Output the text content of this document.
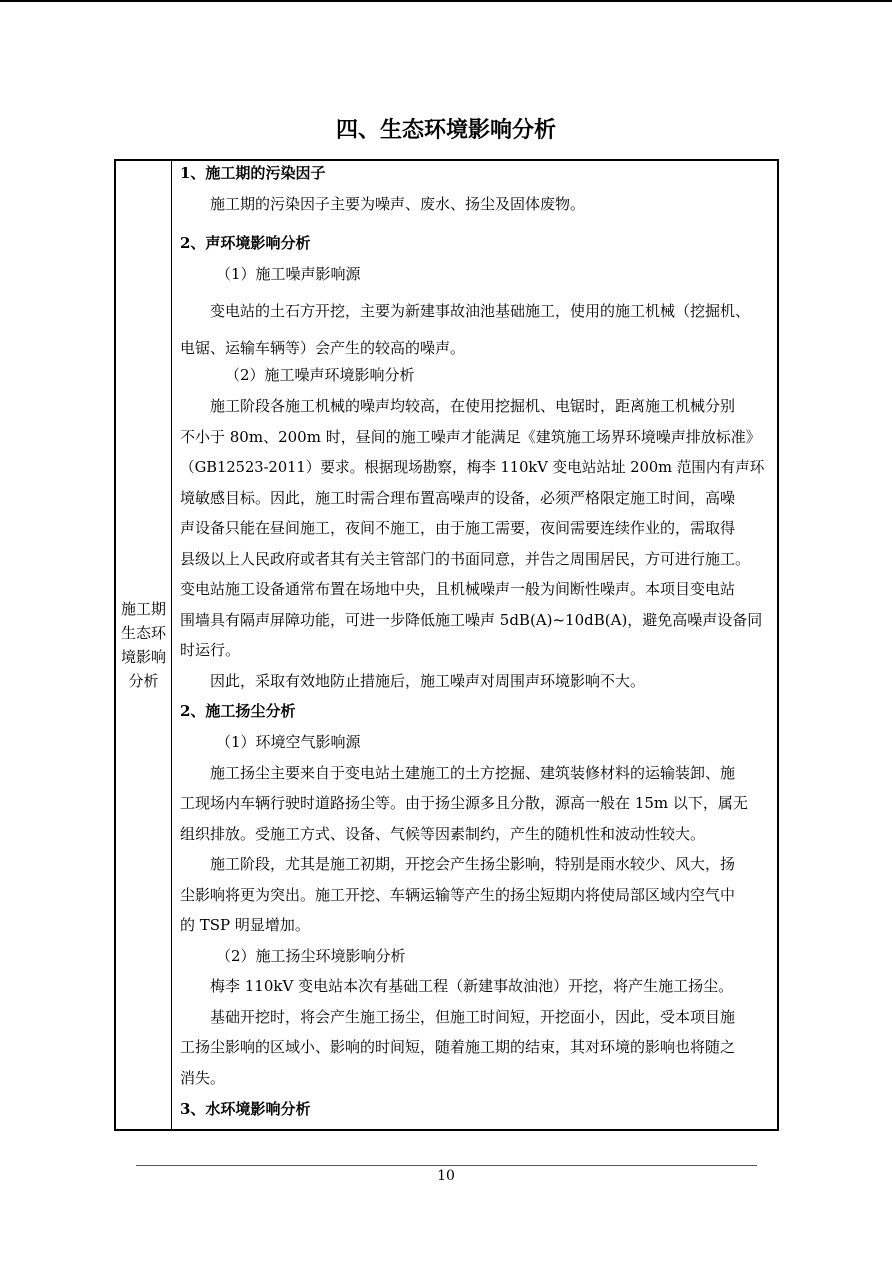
四、生态环境影响分析
施工期
生态环
境影响
分析
1、施工期的污染因子
施工期的污染因子主要为噪声、废水、扬尘及固体废物。
2、声环境影响分析
（1）施工噪声影响源
变电站的土石方开挖，主要为新建事故油池基础施工，使用的施工机械（挖掘机、
电锯、运输车辆等）会产生的较高的噪声。
（2）施工噪声环境影响分析
施工阶段各施工机械的噪声均较高，在使用挖掘机、电锯时，距离施工机械分别
不小于 80m、200m 时，昼间的施工噪声才能满足《建筑施工场界环境噪声排放标准》
（GB12523-2011）要求。根据现场勘察，梅李 110kV 变电站站址 200m 范围内有声环
境敏感目标。因此，施工时需合理布置高噪声的设备，必须严格限定施工时间，高噪
声设备只能在昼间施工，夜间不施工，由于施工需要，夜间需要连续作业的，需取得
县级以上人民政府或者其有关主管部门的书面同意，并告之周围居民，方可进行施工。
变电站施工设备通常布置在场地中央，且机械噪声一般为间断性噪声。本项目变电站
围墙具有隔声屏障功能，可进一步降低施工噪声 5dB(A)~10dB(A)，避免高噪声设备同
时运行。
因此，采取有效地防止措施后，施工噪声对周围声环境影响不大。
2、施工扬尘分析
（1）环境空气影响源
施工扬尘主要来自于变电站土建施工的土方挖掘、建筑装修材料的运输装卸、施
工现场内车辆行驶时道路扬尘等。由于扬尘源多且分散，源高一般在 15m 以下，属无
组织排放。受施工方式、设备、气候等因素制约，产生的随机性和波动性较大。
施工阶段，尤其是施工初期，开挖会产生扬尘影响，特别是雨水较少、风大，扬
尘影响将更为突出。施工开挖、车辆运输等产生的扬尘短期内将使局部区域内空气中
的 TSP 明显增加。
（2）施工扬尘环境影响分析
梅李 110kV 变电站本次有基础工程（新建事故油池）开挖，将产生施工扬尘。
基础开挖时，将会产生施工扬尘，但施工时间短，开挖面小，因此，受本项目施
工扬尘影响的区域小、影响的时间短，随着施工期的结束，其对环境的影响也将随之
消失。
3、水环境影响分析
10
